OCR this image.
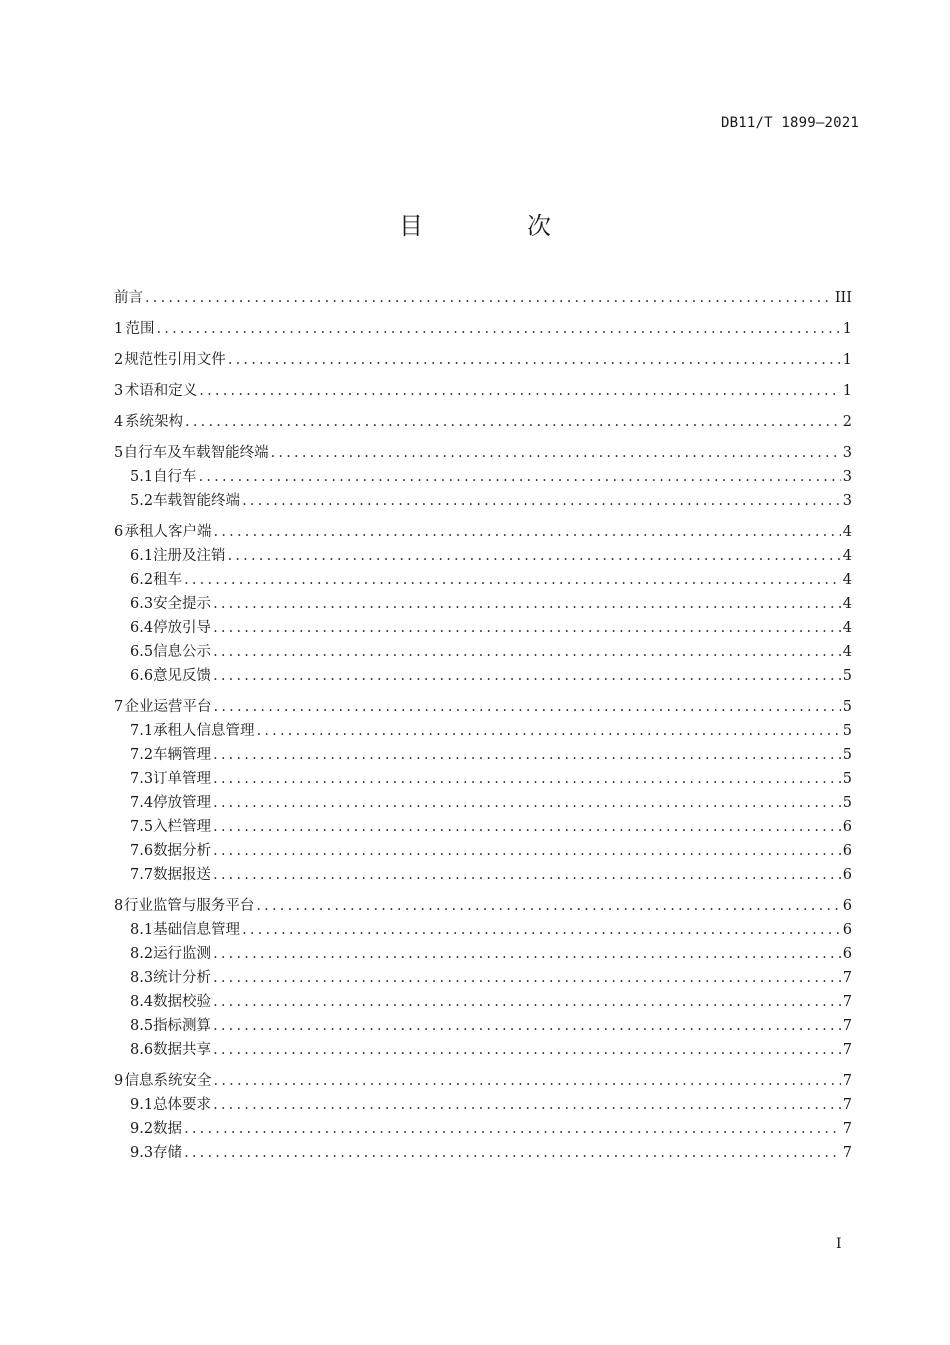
DB11/T 1899—2021
目　次
前言 .....	III
1 范围 .....	1
2 规范性引用文件 .....	1
3 术语和定义 .....	1
4 系统架构 .....	2
5 自行车及车载智能终端 .....	3
5.1 自行车 .....	3
5.2 车载智能终端 .....	3
6 承租人客户端 .....	4
6.1 注册及注销 .....	4
6.2 租车 .....	4
6.3 安全提示 .....	4
6.4 停放引导 .....	4
6.5 信息公示 .....	4
6.6 意见反馈 .....	5
7 企业运营平台 .....	5
7.1 承租人信息管理 .....	5
7.2 车辆管理 .....	5
7.3 订单管理 .....	5
7.4 停放管理 .....	5
7.5 入栏管理 .....	6
7.6 数据分析 .....	6
7.7 数据报送 .....	6
8 行业监管与服务平台 .....	6
8.1 基础信息管理 .....	6
8.2 运行监测 .....	6
8.3 统计分析 .....	7
8.4 数据校验 .....	7
8.5 指标测算 .....	7
8.6 数据共享 .....	7
9 信息系统安全 .....	7
9.1 总体要求 .....	7
9.2 数据 .....	7
9.3 存储 .....	7
I
